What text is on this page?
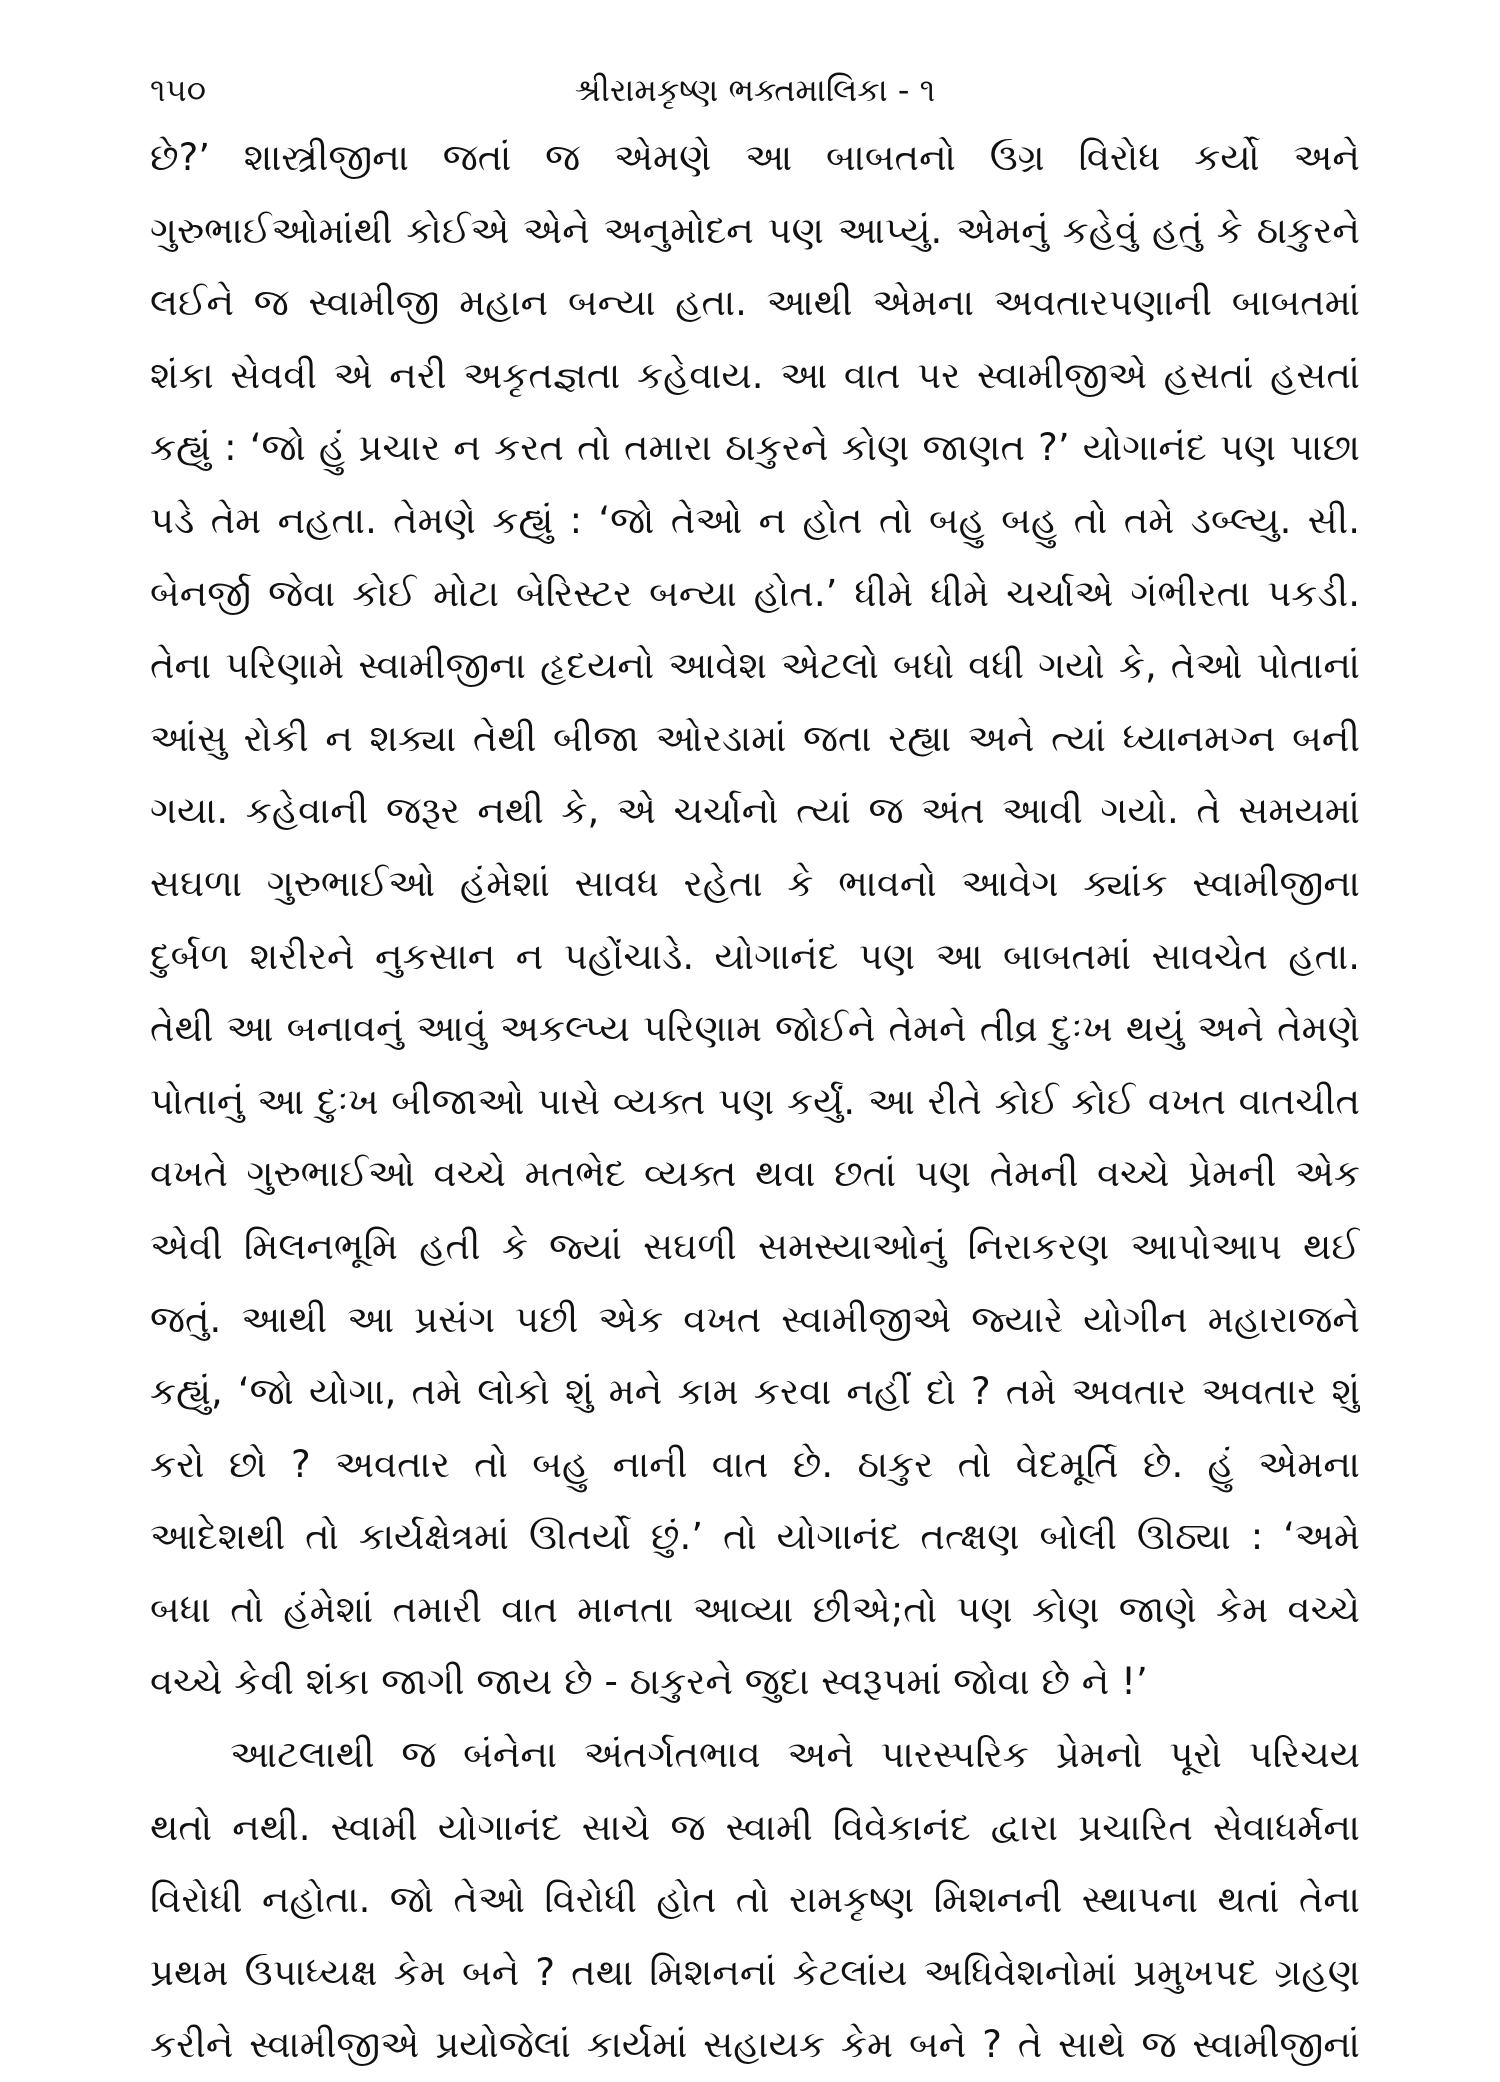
૧૫૦	શ્રીરામકૃષ્ણ ભક્તમાલિકા - ૧
છે?’ શાસ્ત્રીજીના જતાં જ એમણે આ બાબતનો ઉગ્ર વિરોધ કર્યો અને
ગુરુભાઈઓમાંથી કોઈએ એને અનુમોદન પણ આપ્યું. એમનું કહેવું હતું કે ઠાકુરને
લઈને જ સ્વામીજી મહાન બન્યા હતા. આથી એમના અવતારપણાની બાબતમાં
શંકા સેવવી એ નરી અકૃતજ્ઞતા કહેવાય. આ વાત પર સ્વામીજીએ હસતાં હસતાં
કહ્યું : ‘જો હું પ્રચાર ન કરત તો તમારા ઠાકુરને કોણ જાણત ?’ યોગાનંદ પણ પાછા
પડે તેમ નહતા. તેમણે કહ્યું : ‘જો તેઓ ન હોત તો બહુ બહુ તો તમે ડબ્લ્યુ. સી.
બેનર્જી જેવા કોઈ મોટા બેરિસ્ટર બન્યા હોત.’ ધીમે ધીમે ચર્ચાએ ગંભીરતા પકડી.
તેના પરિણામે સ્વામીજીના હૃદયનો આવેશ એટલો બધો વધી ગયો કે, તેઓ પોતાનાં
આંસુ રોકી ન શક્યા તેથી બીજા ઓરડામાં જતા રહ્યા અને ત્યાં ધ્યાનમગ્ન બની
ગયા. કહેવાની જરૂર નથી કે, એ ચર્ચાનો ત્યાં જ અંત આવી ગયો. તે સમયમાં
સઘળા ગુરુભાઈઓ હંમેશાં સાવધ રહેતા કે ભાવનો આવેગ ક્યાંક સ્વામીજીના
દુર્બળ શરીરને નુકસાન ન પહોંચાડે. યોગાનંદ પણ આ બાબતમાં સાવચેત હતા.
તેથી આ બનાવનું આવું અકલ્પ્ય પરિણામ જોઈને તેમને તીવ્ર દુઃખ થયું અને તેમણે
પોતાનું આ દુઃખ બીજાઓ પાસે વ્યક્ત પણ કર્યું. આ રીતે કોઈ કોઈ વખત વાતચીત
વખતે ગુરુભાઈઓ વચ્ચે મતભેદ વ્યક્ત થવા છતાં પણ તેમની વચ્ચે પ્રેમની એક
એવી મિલનભૂમિ હતી કે જ્યાં સઘળી સમસ્યાઓનું નિરાકરણ આપોઆપ થઈ
જતું. આથી આ પ્રસંગ પછી એક વખત સ્વામીજીએ જ્યારે યોગીન મહારાજને
કહ્યું, ‘જો યોગા, તમે લોકો શું મને કામ કરવા નહીં દો ? તમે અવતાર અવતાર શું
કરો છો ? અવતાર તો બહુ નાની વાત છે. ઠાકુર તો વેદમૂર્તિ છે. હું એમના
આદેશથી તો કાર્યક્ષેત્રમાં ઊતર્યો છું.’ તો યોગાનંદ તત્ક્ષણ બોલી ઊઠ્યા : ‘અમે
બધા તો હંમેશાં તમારી વાત માનતા આવ્યા છીએ;તો પણ કોણ જાણે કેમ વચ્ચે
વચ્ચે કેવી શંકા જાગી જાય છે - ઠાકુરને જુદા સ્વરૂપમાં જોવા છે ને !’
આટલાથી જ બંનેના અંતર્ગતભાવ અને પારસ્પરિક પ્રેમનો પૂરો પરિચય
થતો નથી. સ્વામી યોગાનંદ સાચે જ સ્વામી વિવેકાનંદ દ્વારા પ્રચારિત સેવાધર્મના
વિરોધી નહોતા. જો તેઓ વિરોધી હોત તો રામકૃષ્ણ મિશનની સ્થાપના થતાં તેના
પ્રથમ ઉપાધ્યક્ષ કેમ બને ? તથા મિશનનાં કેટલાંય અધિવેશનોમાં પ્રમુખપદ ગ્રહણ
કરીને સ્વામીજીએ પ્રયોજેલાં કાર્યમાં સહાયક કેમ બને ? તે સાથે જ સ્વામીજીનાં
